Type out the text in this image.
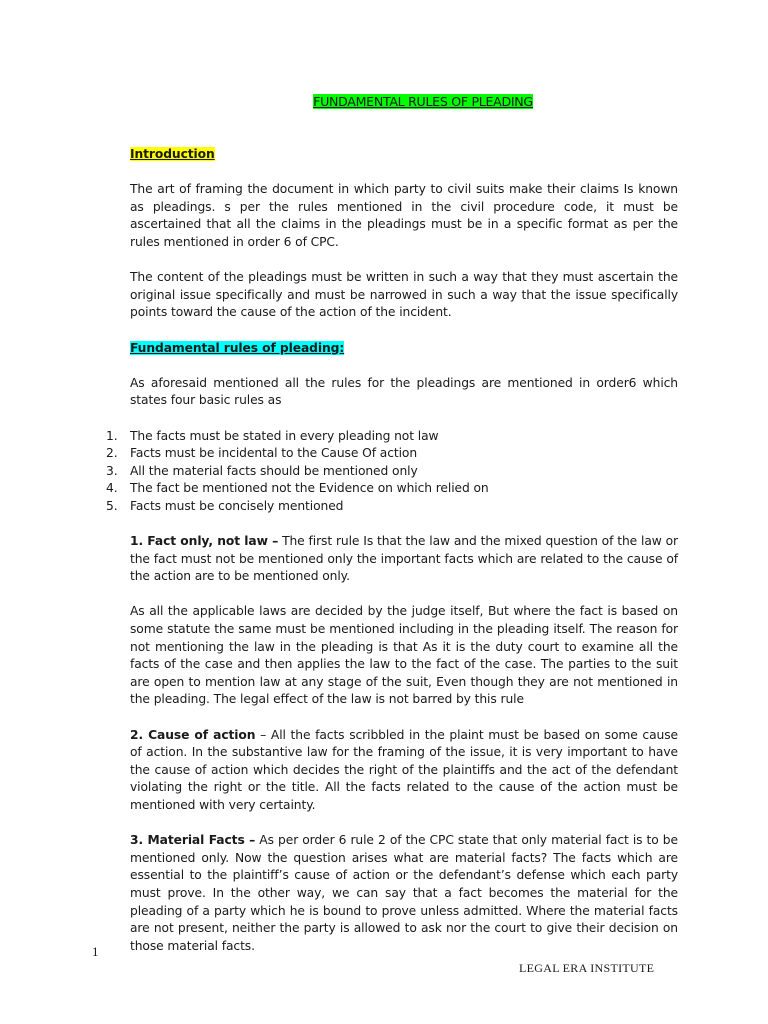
FUNDAMENTAL RULES OF PLEADING

Introduction

The art of framing the document in which party to civil suits make their claims Is known as pleadings. s per the rules mentioned in the civil procedure code, it must be ascertained that all the claims in the pleadings must be in a specific format as per the rules mentioned in order 6 of CPC.

The content of the pleadings must be written in such a way that they must ascertain the original issue specifically and must be narrowed in such a way that the issue specifically points toward the cause of the action of the incident.

Fundamental rules of pleading:

As aforesaid mentioned all the rules for the pleadings are mentioned in order6 which states four basic rules as

1. The facts must be stated in every pleading not law
2. Facts must be incidental to the Cause Of action
3. All the material facts should be mentioned only
4. The fact be mentioned not the Evidence on which relied on
5. Facts must be concisely mentioned

1. Fact only, not law – The first rule Is that the law and the mixed question of the law or the fact must not be mentioned only the important facts which are related to the cause of the action are to be mentioned only.

As all the applicable laws are decided by the judge itself, But where the fact is based on some statute the same must be mentioned including in the pleading itself. The reason for not mentioning the law in the pleading is that As it is the duty court to examine all the facts of the case and then applies the law to the fact of the case. The parties to the suit are open to mention law at any stage of the suit, Even though they are not mentioned in the pleading. The legal effect of the law is not barred by this rule

2. Cause of action – All the facts scribbled in the plaint must be based on some cause of action. In the substantive law for the framing of the issue, it is very important to have the cause of action which decides the right of the plaintiffs and the act of the defendant violating the right or the title. All the facts related to the cause of the action must be mentioned with very certainty.

3. Material Facts – As per order 6 rule 2 of the CPC state that only material fact is to be mentioned only. Now the question arises what are material facts? The facts which are essential to the plaintiff’s cause of action or the defendant’s defense which each party must prove. In the other way, we can say that a fact becomes the material for the pleading of a party which he is bound to prove unless admitted. Where the material facts are not present, neither the party is allowed to ask nor the court to give their decision on those material facts.

1
LEGAL ERA INSTITUTE
